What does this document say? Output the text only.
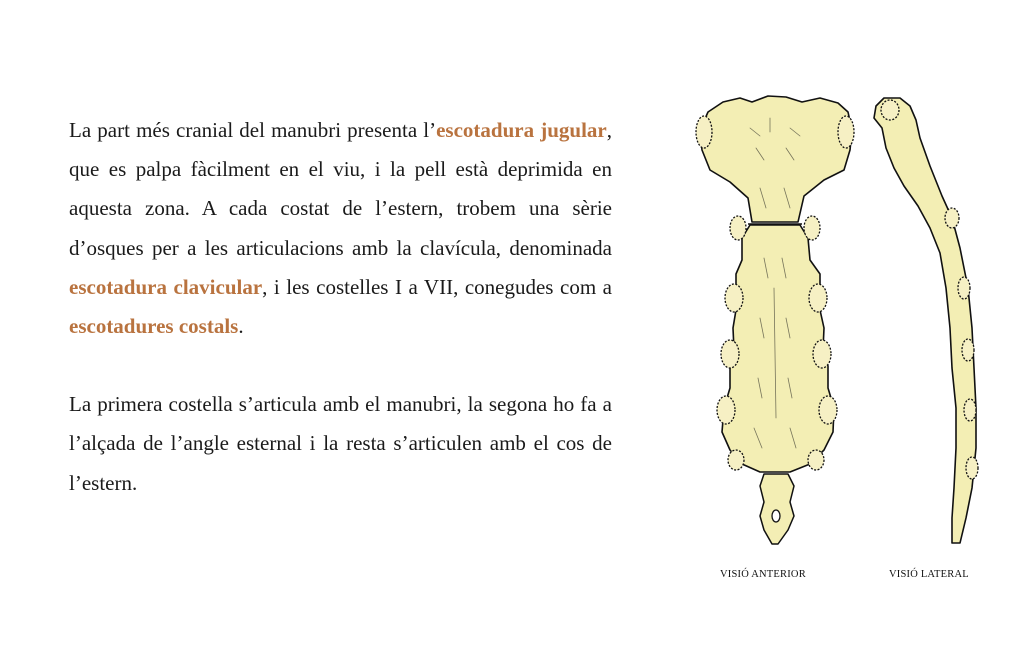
La part més cranial del manubri presenta l’escotadura jugular, que es palpa fàcilment en el viu, i la pell està deprimida en aquesta zona. A cada costat de l’estern, trobem una sèrie d’osques per a les articulacions amb la clavícula, denominada escotadura clavicular, i les costelles I a VII, conegudes com a escotadures costals.

La primera costella s’articula amb el manubri, la segona ho fa a l’alçada de l’angle esternal i la resta s’articulen amb el cos de l’estern.

VISIÓ ANTERIOR	VISIÓ LATERAL
